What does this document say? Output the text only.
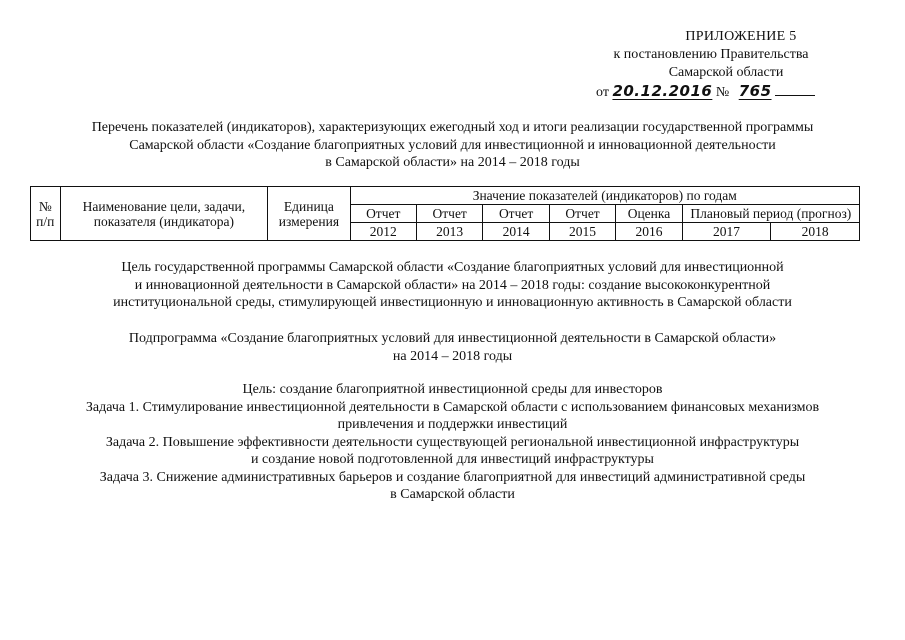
ПРИЛОЖЕНИЕ 5
к постановлению Правительства
Самарской области
от 20.12.2016 № 765
Перечень показателей (индикаторов), характеризующих ежегодный ход и итоги реализации государственной программы
Самарской области «Создание благоприятных условий для инвестиционной и инновационной деятельности
в Самарской области» на 2014 – 2018 годы
№
п/п	Наименование цели, задачи, показателя (индикатора)	Единица измерения	Значение показателей (индикаторов) по годам						
			Отчет	Отчет	Отчет	Отчет	Оценка	Плановый период (прогноз)	
			2012	2013	2014	2015	2016	2017	2018
Цель государственной программы Самарской области «Создание благоприятных условий для инвестиционной
и инновационной деятельности в Самарской области» на 2014 – 2018 годы: создание высококонкурентной
институциональной среды, стимулирующей инвестиционную и инновационную активность в Самарской области
Подпрограмма «Создание благоприятных условий для инвестиционной деятельности в Самарской области»
на 2014 – 2018 годы
Цель: создание благоприятной инвестиционной среды для инвесторов
Задача 1. Стимулирование инвестиционной деятельности в Самарской области с использованием финансовых механизмов
привлечения и поддержки инвестиций
Задача 2. Повышение эффективности деятельности существующей региональной инвестиционной инфраструктуры
и создание новой подготовленной для инвестиций инфраструктуры
Задача 3. Снижение административных барьеров и создание благоприятной для инвестиций административной среды
в Самарской области
